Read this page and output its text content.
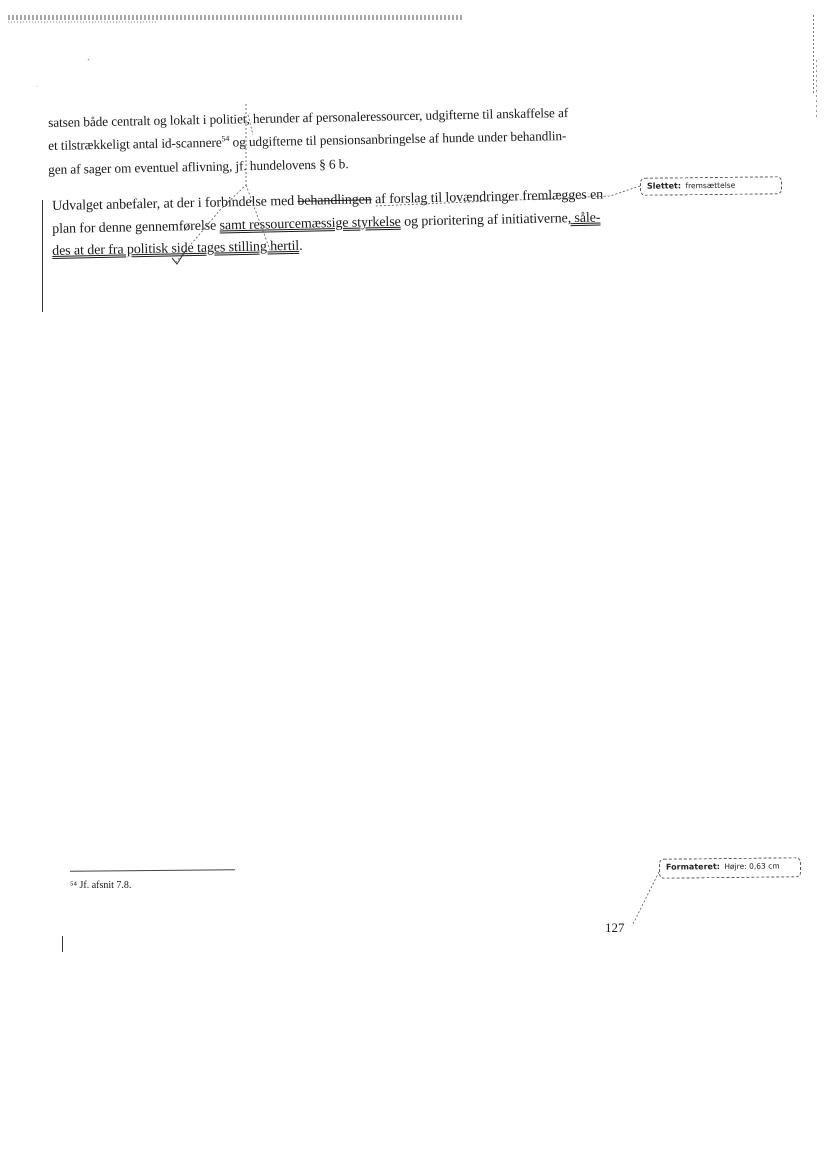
ˏ
·
satsen både centralt og lokalt i politiet, herunder af personaleressourcer, udgifterne til anskaffelse af
et tilstrækkeligt antal id-scannere$^{54}$ og udgifterne til pensionsanbringelse af hunde under behandlin-
gen af sager om eventuel aflivning, jf. hundelovens § 6 b.
Udvalget anbefaler, at der i forbindelse med behandlingen af forslag til lovændringer fremlægges en
plan for denne gennemførelse samt ressourcemæssige styrkelse og prioritering af initiativerne, såle-
des at der fra politisk side tages stilling hertil.
Slettet: fremsættelse
Formateret: Højre: 0,63 cm
⁵⁴ Jf. afsnit 7.8.
127
